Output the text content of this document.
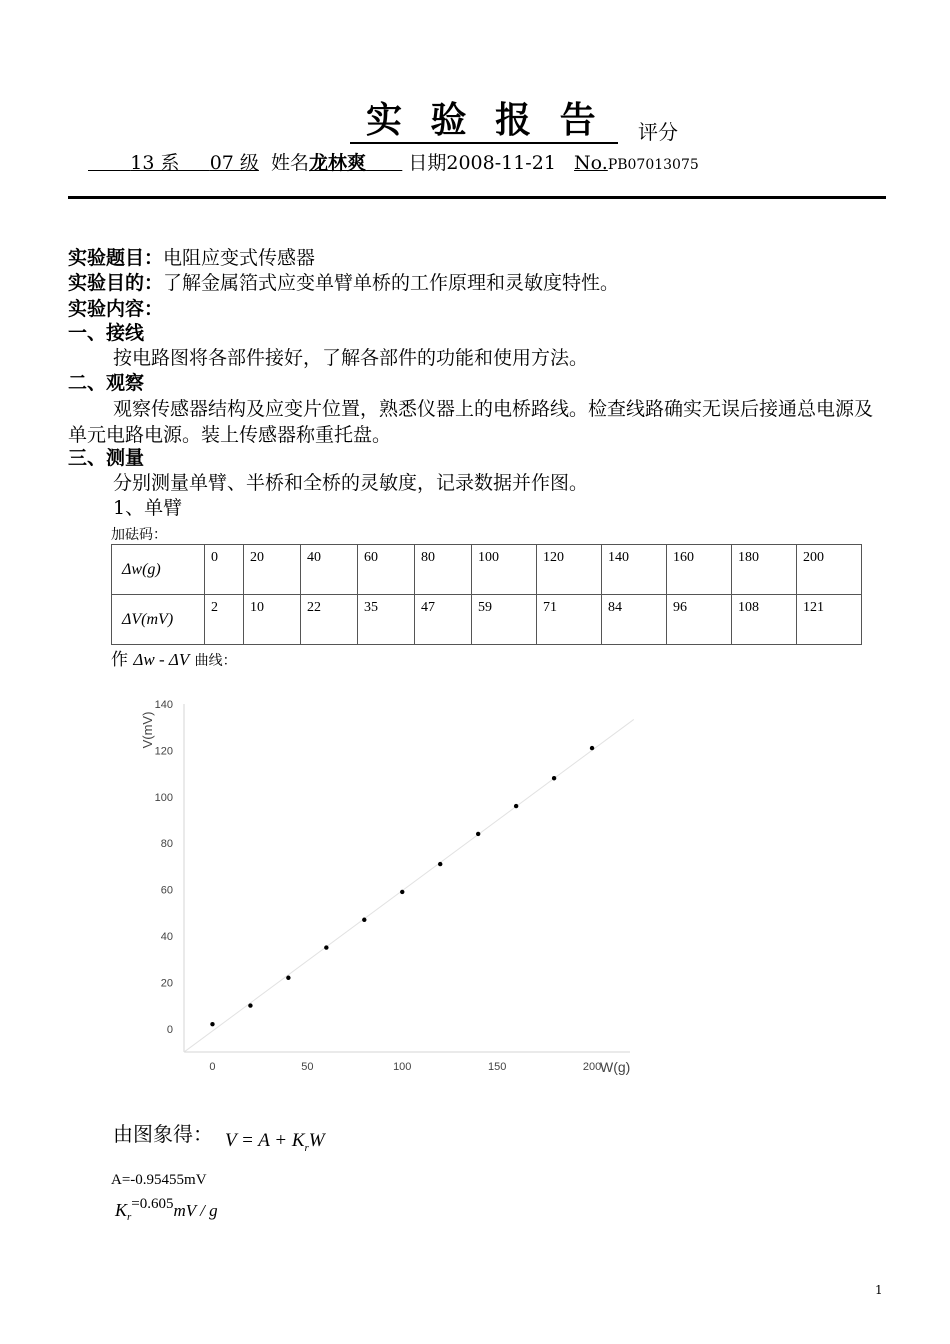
实 验 报 告	评分
13 系 07 级 姓名龙林爽 日期2008-11-21 No.PB07013075
实验题目：电阻应变式传感器
实验目的：了解金属箔式应变单臂单桥的工作原理和灵敏度特性。
实验内容：
一、接线
按电路图将各部件接好，了解各部件的功能和使用方法。
二、观察
观察传感器结构及应变片位置，熟悉仪器上的电桥路线。检查线路确实无误后接通总电源及单元电路电源。装上传感器称重托盘。
三、测量
分别测量单臂、半桥和全桥的灵敏度，记录数据并作图。
1、单臂
加砝码：
Δw(g)	0	20	40	60	80	100	120	140	160	180	200
ΔV(mV)	2	10	22	35	47	59	71	84	96	108	121
作 Δw - ΔV 曲线：
0
20
40
60
80
100
120
140
0	50	100	150	200
V(mV)
W(g)
由图象得： $V = A + K_rW$
A=-0.95455mV
$K_r=0.605mV / g$
1
